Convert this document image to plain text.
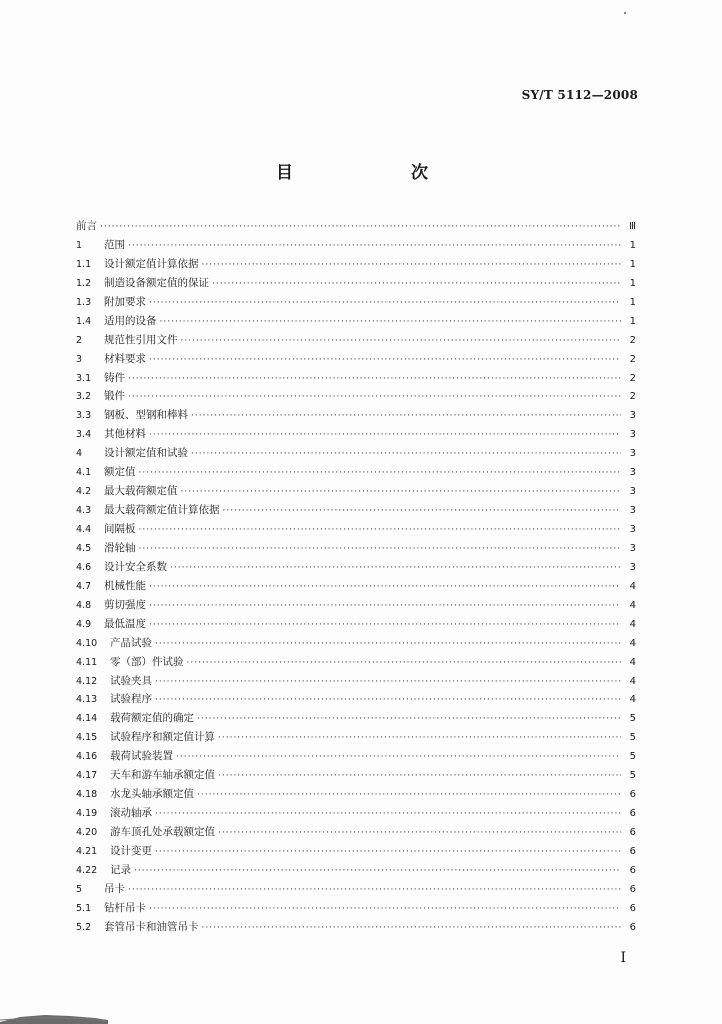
SY/T 5112—2008
目　　次
前言 ·····	Ⅲ
1	范围 ·····	1
1.1	设计额定值计算依据 ·····	1
1.2	制造设备额定值的保证 ·····	1
1.3	附加要求 ·····	1
1.4	适用的设备 ·····	1
2	规范性引用文件 ·····	2
3	材料要求 ·····	2
3.1	铸件 ·····	2
3.2	锻件 ·····	2
3.3	钢板、型钢和棒料 ·····	3
3.4	其他材料 ·····	3
4	设计额定值和试验 ·····	3
4.1	额定值 ·····	3
4.2	最大载荷额定值 ·····	3
4.3	最大载荷额定值计算依据 ·····	3
4.4	间隔板 ·····	3
4.5	滑轮轴 ·····	3
4.6	设计安全系数 ·····	3
4.7	机械性能 ·····	4
4.8	剪切强度 ·····	4
4.9	最低温度 ·····	4
4.10	产品试验 ·····	4
4.11	零（部）件试验 ·····	4
4.12	试验夹具 ·····	4
4.13	试验程序 ·····	4
4.14	载荷额定值的确定 ·····	5
4.15	试验程序和额定值计算 ·····	5
4.16	载荷试验装置 ·····	5
4.17	天车和游车轴承额定值 ·····	5
4.18	水龙头轴承额定值 ·····	6
4.19	滚动轴承 ·····	6
4.20	游车顶孔处承载额定值 ·····	6
4.21	设计变更 ·····	6
4.22	记录 ·····	6
5	吊卡 ·····	6
5.1	钻杆吊卡 ·····	6
5.2	套管吊卡和油管吊卡 ·····	6
I
